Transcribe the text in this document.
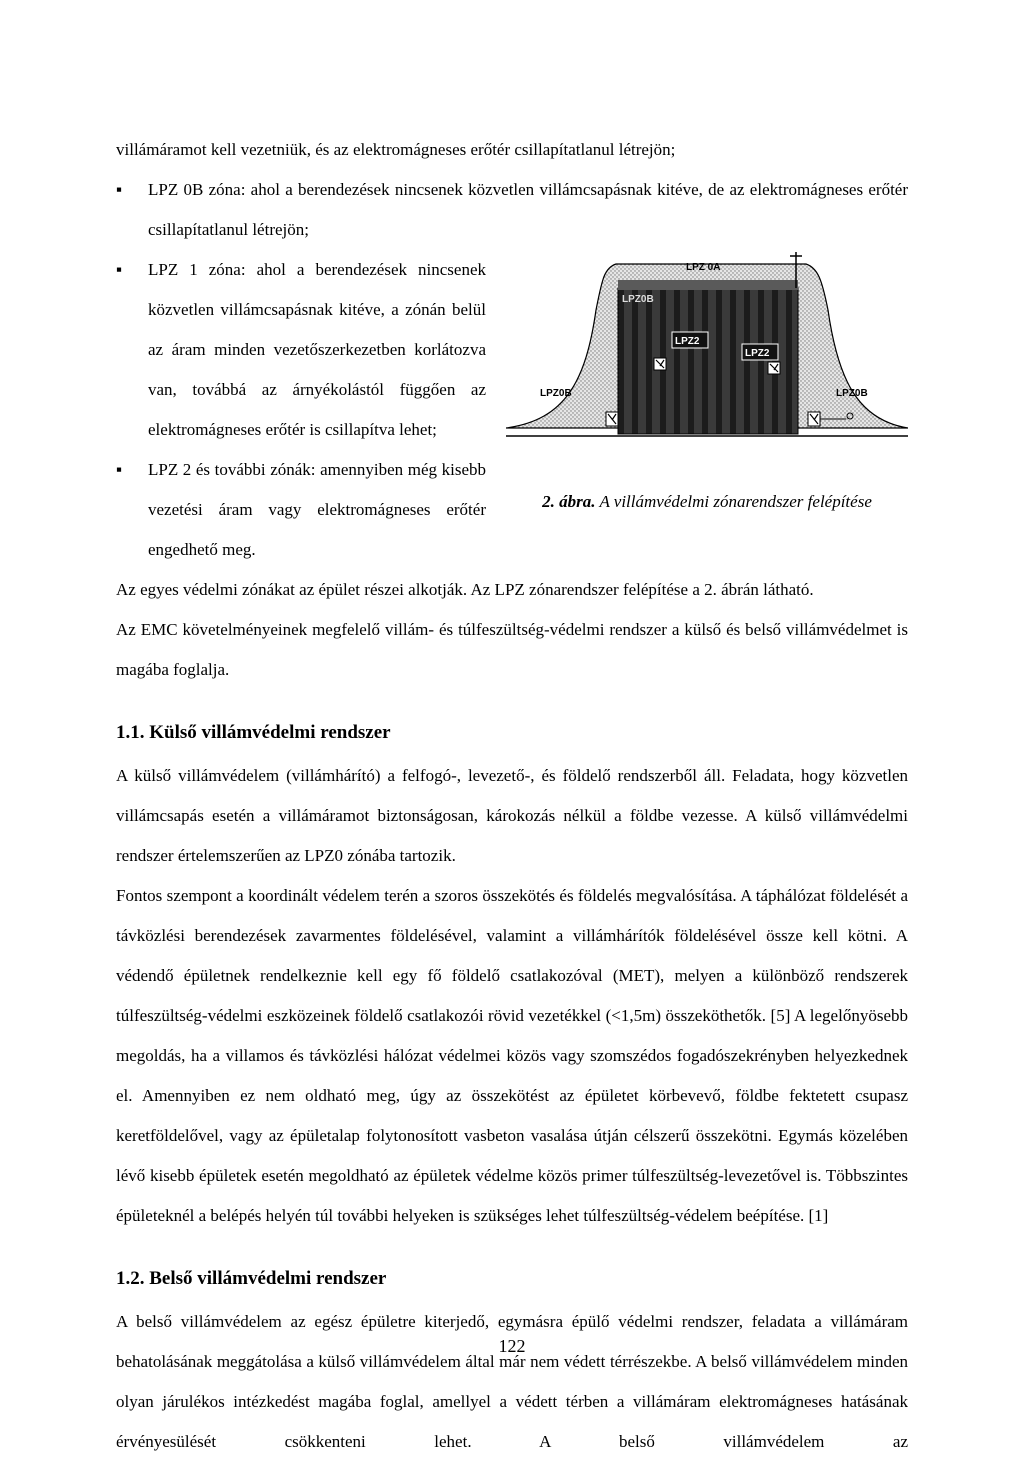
villámáramot kell vezetniük, és az elektromágneses erőtér csillapítatlanul létrejön;

▪ LPZ 0B zóna: ahol a berendezések nincsenek közvetlen villámcsapásnak kitéve, de az elektromágneses erőtér csillapítatlanul létrejön;

▪ LPZ 1 zóna: ahol a berendezések nincsenek közvetlen villámcsapásnak kitéve, a zónán belül az áram minden vezetőszerkezetben korlátozva van, továbbá az árnyékolástól függően az elektromágneses erőtér is csillapítva lehet;

▪ LPZ 2 és további zónák: amennyiben még kisebb vezetési áram vagy elektromágneses erőtér engedhető meg.

LPZ 0A
LPZ0B
LPZ2
LPZ2
LPZ0B	LPZ0B
2. ábra. A villámvédelmi zónarendszer felépítése

Az egyes védelmi zónákat az épület részei alkotják. Az LPZ zónarendszer felépítése a 2. ábrán látható.

Az EMC követelményeinek megfelelő villám- és túlfeszültség-védelmi rendszer a külső és belső villámvédelmet is magába foglalja.

1.1. Külső villámvédelmi rendszer

A külső villámvédelem (villámhárító) a felfogó-, levezető-, és földelő rendszerből áll. Feladata, hogy közvetlen villámcsapás esetén a villámáramot biztonságosan, károkozás nélkül a földbe vezesse. A külső villámvédelmi rendszer értelemszerűen az LPZ0 zónába tartozik.

Fontos szempont a koordinált védelem terén a szoros összekötés és földelés megvalósítása. A táphálózat földelését a távközlési berendezések zavarmentes földelésével, valamint a villámhárítók földelésével össze kell kötni. A védendő épületnek rendelkeznie kell egy fő földelő csatlakozóval (MET), melyen a különböző rendszerek túlfeszültség-védelmi eszközeinek földelő csatlakozói rövid vezetékkel (<1,5m) összeköthetők. [5] A legelőnyösebb megoldás, ha a villamos és távközlési hálózat védelmei közös vagy szomszédos fogadószekrényben helyezkednek el. Amennyiben ez nem oldható meg, úgy az összekötést az épületet körbevevő, földbe fektetett csupasz keretföldelővel, vagy az épületalap folytonosított vasbeton vasalása útján célszerű összekötni. Egymás közelében lévő kisebb épületek esetén megoldható az épületek védelme közös primer túlfeszültség-levezetővel is. Többszintes épületeknél a belépés helyén túl további helyeken is szükséges lehet túlfeszültség-védelem beépítése. [1]

1.2. Belső villámvédelmi rendszer

A belső villámvédelem az egész épületre kiterjedő, egymásra épülő védelmi rendszer, feladata a villámáram behatolásának meggátolása a külső villámvédelem által már nem védett térrészekbe. A belső villámvédelem minden olyan járulékos intézkedést magába foglal, amellyel a védett térben a villámáram elektromágneses hatásának érvényesülését csökkenteni lehet. A belső villámvédelem az

122
